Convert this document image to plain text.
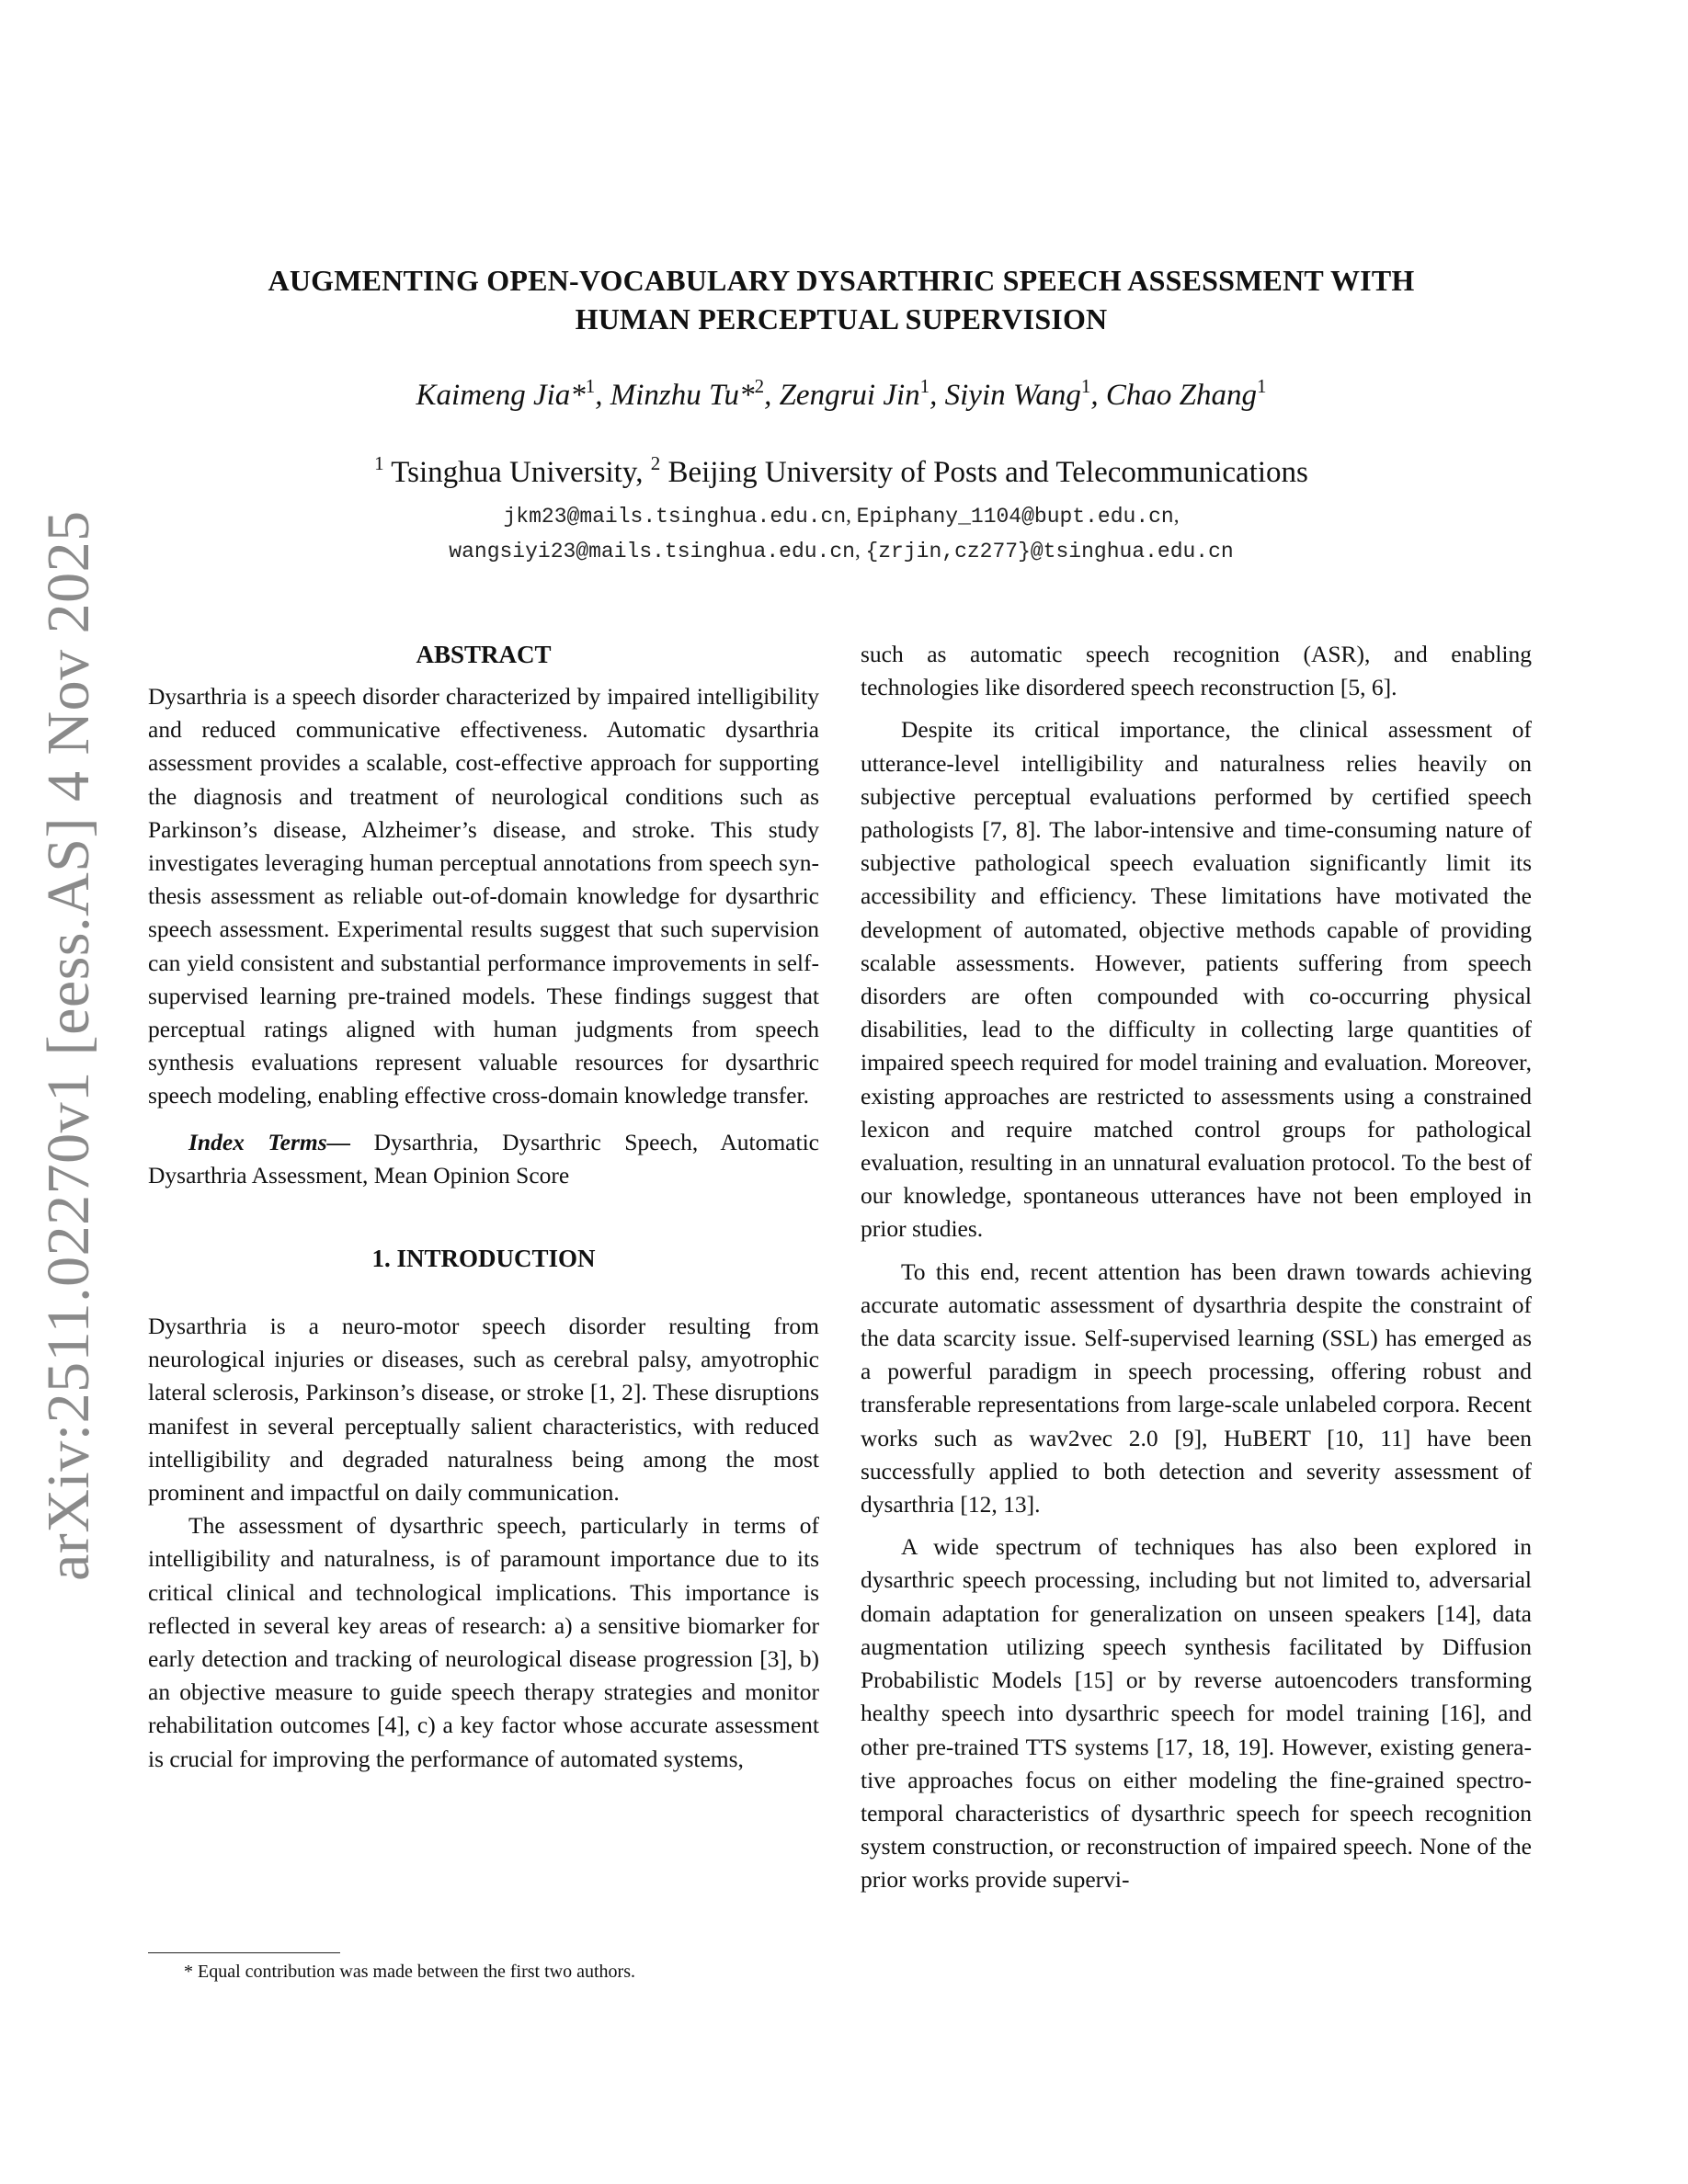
arXiv:2511.02270v1 [eess.AS] 4 Nov 2025
AUGMENTING OPEN-VOCABULARY DYSARTHRIC SPEECH ASSESSMENT WITH
HUMAN PERCEPTUAL SUPERVISION
Kaimeng Jia*$^1$, Minzhu Tu*$^2$, Zengrui Jin$^1$, Siyin Wang$^1$, Chao Zhang$^1$
$^1$ Tsinghua University, $^2$ Beijing University of Posts and Telecommunications
jkm23@mails.tsinghua.edu.cn, Epiphany_1104@bupt.edu.cn,
wangsiyi23@mails.tsinghua.edu.cn, {zrjin,cz277}@tsinghua.edu.cn
ABSTRACT

Dysarthria is a speech disorder characterized by impaired intelligibility and reduced communicative effectiveness. Automatic dysarthria assessment provides a scalable, cost-effective approach for supporting the diagnosis and treatment of neurological conditions such as Parkinson’s disease, Alzheimer’s disease, and stroke. This study investigates leveraging human perceptual annotations from speech synthesis assessment as reliable out-of-domain knowledge for dysarthric speech assessment. Experimental results suggest that such supervision can yield consistent and substantial performance improvements in self-supervised learning pre-trained models. These findings suggest that perceptual ratings aligned with human judgments from speech synthesis evaluations represent valuable resources for dysarthric speech modeling, enabling effective cross-domain knowledge transfer.

Index Terms— Dysarthria, Dysarthric Speech, Automatic Dysarthria Assessment, Mean Opinion Score

1. INTRODUCTION

Dysarthria is a neuro-motor speech disorder resulting from neurological injuries or diseases, such as cerebral palsy, amyotrophic lateral sclerosis, Parkinson’s disease, or stroke [1, 2]. These disruptions manifest in several perceptually salient characteristics, with reduced intelligibility and degraded naturalness being among the most prominent and impactful on daily communication.

The assessment of dysarthric speech, particularly in terms of intelligibility and naturalness, is of paramount importance due to its critical clinical and technological implications. This importance is reflected in several key areas of research: a) a sensitive biomarker for early detection and tracking of neurological disease progression [3], b) an objective measure to guide speech therapy strategies and monitor rehabilitation outcomes [4], c) a key factor whose accurate assessment is crucial for improving the performance of automated systems,

such as automatic speech recognition (ASR), and enabling technologies like disordered speech reconstruction [5, 6].

Despite its critical importance, the clinical assessment of utterance-level intelligibility and naturalness relies heavily on subjective perceptual evaluations performed by certified speech pathologists [7, 8]. The labor-intensive and time-consuming nature of subjective pathological speech evaluation significantly limit its accessibility and efficiency. These limitations have motivated the development of automated, objective methods capable of providing scalable assessments. However, patients suffering from speech disorders are often compounded with co-occurring physical disabilities, lead to the difficulty in collecting large quantities of impaired speech required for model training and evaluation. Moreover, existing approaches are restricted to assessments using a constrained lexicon and require matched control groups for pathological evaluation, resulting in an unnatural evaluation protocol. To the best of our knowledge, spontaneous utterances have not been employed in prior studies.

To this end, recent attention has been drawn towards achieving accurate automatic assessment of dysarthria despite the constraint of the data scarcity issue. Self-supervised learning (SSL) has emerged as a powerful paradigm in speech processing, offering robust and transferable representations from large-scale unlabeled corpora. Recent works such as wav2vec 2.0 [9], HuBERT [10, 11] have been successfully applied to both detection and severity assessment of dysarthria [12, 13].

A wide spectrum of techniques has also been explored in dysarthric speech processing, including but not limited to, adversarial domain adaptation for generalization on unseen speakers [14], data augmentation utilizing speech synthesis facilitated by Diffusion Probabilistic Models [15] or by reverse autoencoders transforming healthy speech into dysarthric speech for model training [16], and other pre-trained TTS systems [17, 18, 19]. However, existing generative approaches focus on either modeling the fine-grained spectro-temporal characteristics of dysarthric speech for speech recognition system construction, or reconstruction of impaired speech. None of the prior works provide supervi-

* Equal contribution was made between the first two authors.
